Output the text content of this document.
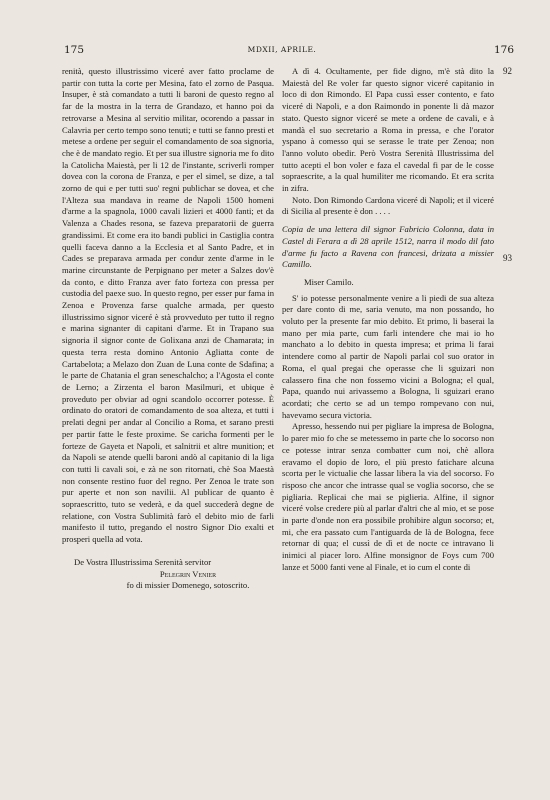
175	MDXII, APRILE.	176

renità, questo illustrissimo viceré aver fatto proclame de partir con tutta la corte per Mesina, fato el zorno de Pasqua. Insuper, è stà comandato a tutti li baroni de questo regno al far de la mostra in la terra de Grandazo, et hanno poi da retrovarse a Mesina al servitio militar, ocorendo a passar in Calavria per certo tempo sono tenuti; e tutti se fanno presti et metese a ordene per seguir el comandamento de soa signoria, che è de mandato regio. Et per sua illustre signoria me fo dito la Catolicha Maiestà, per li 12 de l'instante, scriverli romper dovea con la corona de Franza, e per el simel, se dize, a tal zorno de qui e per tutti suo' regni publichar se dovea, et che l'Alteza sua mandava in reame de Napoli 1500 homeni d'arme a la spagnola, 1000 cavali lizieri et 4000 fanti; et da Valenza a Chades resona, se fazeva preparatorii de guerra grandissimi. Et come era ito bandi publici in Castiglia contra quelli faceva danno a la Ecclesia et al Santo Padre, et in Cades se preparava armada per condur zente d'arme in le marine circunstante de Perpignano per meter a Salzes dov'è da conto, e ditto Franza aver fato forteza con pressa per custodia del paexe suo. In questo regno, per esser pur fama in Zenoa e Provenza farse qualche armada, per questo illustrissimo signor viceré è stà provveduto per tutto il regno e marina signanter di capitani d'arme. Et in Trapano sua signoria il signor conte de Golixana anzi de Chamarata; in questa terra resta domino Antonio Agliatta conte de Cartabelota; a Melazo don Zuan de Luna conte de Sdafina; a le parte de Chatania el gran seneschalcho; a l'Agosta el conte de Lerno; a Zirzenta el baron Masilmuri, et ubique è proveduto per obviar ad ogni scandolo occorrer potesse. È ordinato do oratori de comandamento de soa alteza, et tutti i prelati degni per andar al Concilio a Roma, et sarano presti per partir fatte le feste proxime. Se caricha formenti per le forteze de Gayeta et Napoli, et salnitrii et altre munition; et da Napoli se atende quelli baroni andò al capitanio di la liga con tutti li cavali soi, e zà ne son ritornati, chè Soa Maestà non consente restino fuor del regno. Per Zenoa le trate son pur aperte et non son navilii. Al publicar de quanto è sopraescritto, tuto se vederà, e da quel succederà degne de relatione, con Vostra Sublimità farò el debito mio de farli manifesto il tutto, pregando el nostro Signor Dio exalti et prosperi quella ad vota.

De Vostra Illustrissima Serenità servitor
Pelegrin Venier
fo di missier Domenego, sotoscrito.

A dì 4. Ocultamente, per fide digno, m'è stà dito la Maiestà del Re voler far questo signor viceré capitanio in loco di don Rimondo. El Papa cussì esser contento, e fato viceré di Napoli, e a don Raimondo in ponente li dà mazor stato. Questo signor viceré se mete a ordene de cavali, e à mandà el suo secretario a Roma in pressa, e che l'orator yspano à comesso qui se serasse le trate per Zenoa; non l'anno voluto obedir. Però Vostra Serenità Illustrissima del tutto acepti el bon voler e faza el cavedal fi par de le cosse sopraescrite, a la qual humiliter me ricomando. Et era scrita in zifra.

Noto. Don Rimondo Cardona viceré di Napoli; et il viceré di Sicilia al presente è don . . . .

Copia de una lettera dil signor Fabricio Colonna, data in Castel di Ferara a dì 28 aprile 1512, narra il modo dil fato d'arme fu facto a Ravena con francesi, drizata a missier Camillo.

Miser Camilo.

S' io potesse personalmente venire a li piedi de sua alteza per dare conto di me, saria venuto, ma non possando, ho voluto per la presente far mio debito. Et primo, li baserai la mano per mia parte, cum farli intendere che mai io ho manchato a lo debito in questa impresa; et prima li farai intendere como al partir de Napoli parlai col suo orator in Roma, el qual pregai che operasse che li sguizari non calassero fina che non fossemo vicini a Bologna; el qual, Papa, quando nui arivassemo a Bologna, li sguizari erano acordati; che certo se ad un tempo rompevano con nui, havevamo secura victoria.

Apresso, hessendo nui per pigliare la impresa de Bologna, lo parer mio fo che se metessemo in parte che lo socorso non ce potesse intrar senza combatter cum noi, chè allora eravamo el dopio de loro, el più presto fatichare alcuna scorta per le victualie che lassar libera la via del socorso. Fo risposo che ancor che intrasse qual se voglia socorso, che se pigliaria. Replicai che mai se piglieria. Alfine, il signor viceré volse credere più al parlar d'altri che al mio, et se pose in parte d'onde non era possibile prohibire algun socorso; et, mi, che era passato cum l'antiguarda de là de Bologna, fece retornar di qua; el cussì de dì et de nocte ce intravano li inimici al piacer loro. Alfine monsignor de Foys cum 700 lanze et 5000 fanti vene al Finale, et io cum el conte di

92
93
